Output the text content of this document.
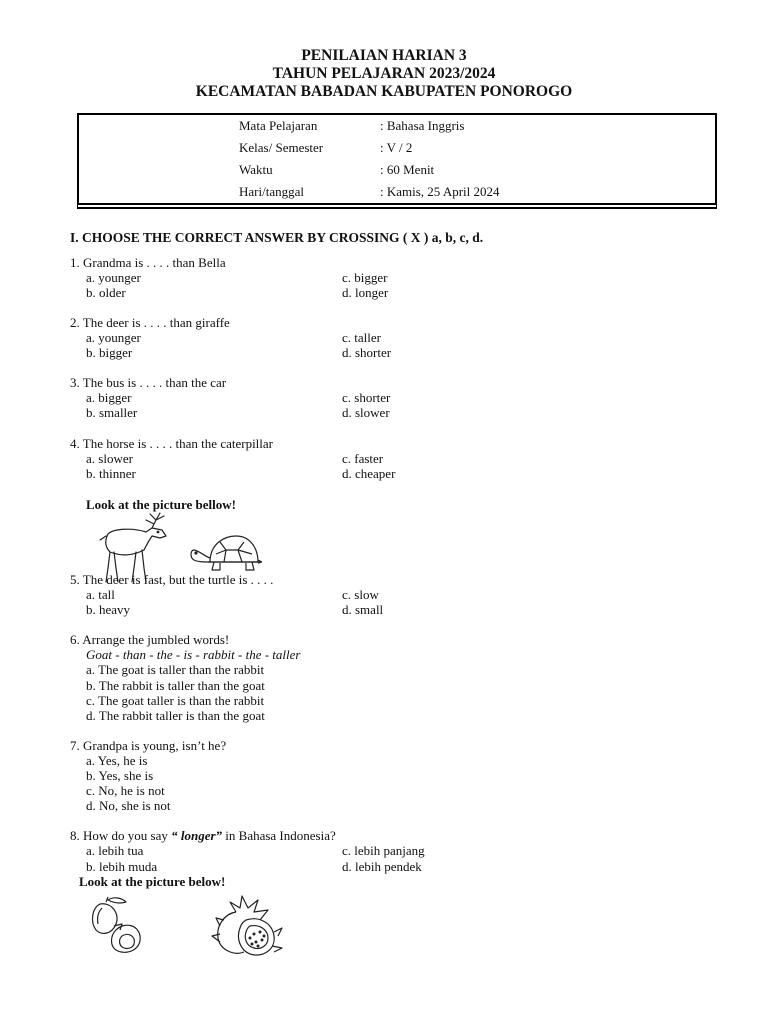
PENILAIAN HARIAN 3
TAHUN PELAJARAN 2023/2024
KECAMATAN BABADAN KABUPATEN PONOROGO
Mata Pelajaran	: Bahasa Inggris
Kelas/ Semester	: V / 2
Waktu	: 60 Menit
Hari/tanggal	: Kamis, 25 April 2024
I. CHOOSE THE CORRECT ANSWER BY CROSSING ( X ) a, b, c, d.
1. Grandma is . . . . than Bella
a. younger
b. older
c. bigger
d. longer
2. The deer is . . . . than giraffe
a. younger
b. bigger
c. taller
d. shorter
3. The bus is . . . . than the car
a. bigger
b. smaller
c. shorter
d. slower
4. The horse is . . . . than the caterpillar
a. slower
b. thinner
c. faster
d. cheaper
Look at the picture bellow!
5. The deer is fast, but the turtle is . . . .
a. tall
b. heavy
c. slow
d. small
6. Arrange the jumbled words!
Goat - than - the - is - rabbit - the - taller
a. The goat is taller than the rabbit
b. The rabbit is taller than the goat
c. The goat taller is than the rabbit
d. The rabbit taller is than the goat
7. Grandpa is young, isn’t he?
a. Yes, he is
b. Yes, she is
c. No, he is not
d. No, she is not
8. How do you say “ longer” in Bahasa Indonesia?
a. lebih tua
b. lebih muda
c. lebih panjang
d. lebih pendek
Look at the picture below!
